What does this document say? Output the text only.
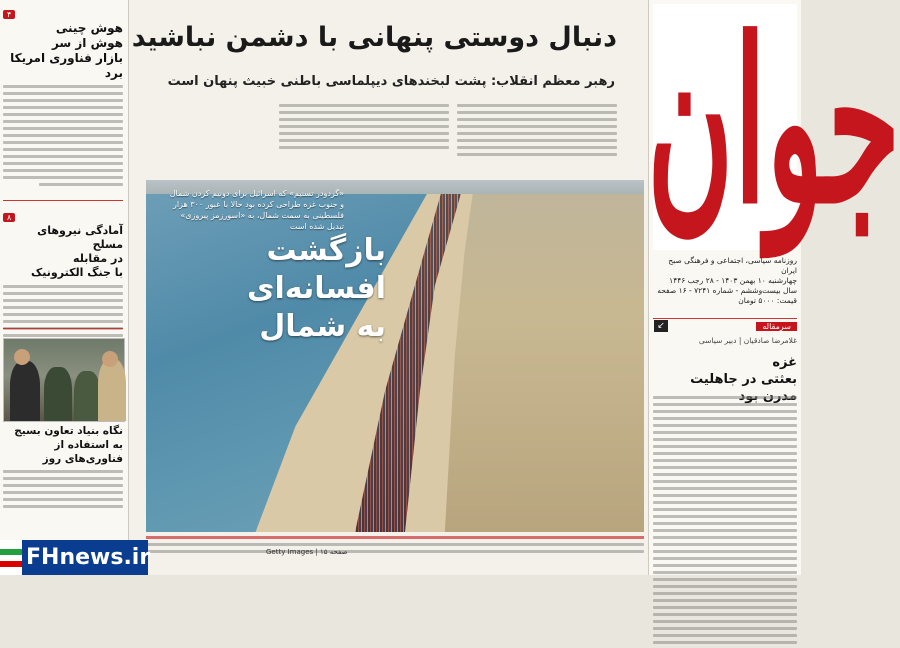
۴
هوش چینی
هوش از سر
بازار فناوری امریکا برد
۸
آمادگی نیروهای مسلح
در مقابله
با جنگ الکترونیک
نگاه بنیاد تعاون بسیج
به استفاده از فناوری‌های روز
دنبال دوستی پنهانی با دشمن نباشید
رهبر معظم انقلاب: پشت لبخندهای دیپلماسی باطنی خبیث پنهان است
«گردودر تسنیم» که اسرائیل برای دونیم کردن شمال و جنوب غزه طراحی کرده بود حالا با عبور ۳۰۰ هزار فلسطینی به سمت شمال، به «اسورزمز پیروزی» تبدیل شده است
بازگشت افسانه‌ای
به شمال
Getty Images | صفحه ۱۵
جوان
روزنامه سیاسی، اجتماعی و فرهنگی صبح ایران
چهارشنبه ۱۰ بهمن ۱۴۰۳ - ۲۸ رجب ۱۴۴۶
سال بیست‌وششم - شماره ۷۲۴۱ - ۱۶ صفحه
قیمت: ۵۰۰۰ تومان
↙	سرمقاله
غلامرضا صادقیان | دبیر سیاسی
غزه
بعثتی در جاهلیت
FHnews.ir
